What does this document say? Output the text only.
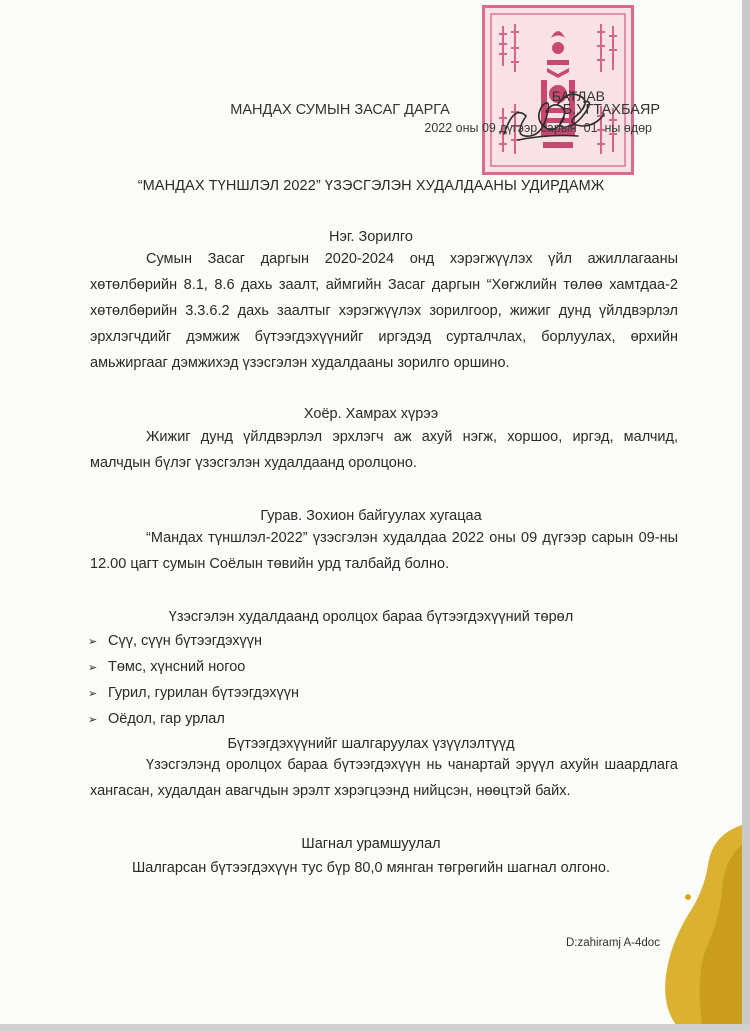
БАТЛАВ
МАНДАХ СУМЫН ЗАСАГ ДАРГА                            Б.УГТАХБАЯР
2022 оны 09 дүгээр сарын  01  ны өдөр
“МАНДАХ ТҮНШЛЭЛ 2022” ҮЗЭСГЭЛЭН ХУДАЛДААНЫ УДИРДАМЖ
Нэг. Зорилго

Сумын Засаг даргын 2020-2024 онд хэрэгжүүлэх үйл ажиллагааны хөтөлбөрийн 8.1, 8.6 дахь заалт, аймгийн Засаг даргын “Хөгжлийн төлөө хамтдаа-2 хөтөлбөрийн 3.3.6.2 дахь заалтыг хэрэгжүүлэх зорилгоор, жижиг дунд үйлдвэрлэл эрхлэгчдийг дэмжиж бүтээгдэхүүнийг иргэдэд сурталчлах, борлуулах, өрхийн амьжиргааг дэмжихэд үзэсгэлэн худалдааны зорилго оршино.

Хоёр. Хамрах хүрээ

Жижиг дунд үйлдвэрлэл эрхлэгч аж ахуй нэгж, хоршоо, иргэд, малчид, малчдын бүлэг үзэсгэлэн худалдаанд оролцоно.

Гурав. Зохион байгуулах хугацаа

“Мандах түншлэл-2022” үзэсгэлэн худалдаа 2022 оны 09 дүгээр сарын 09-ны 12.00 цагт сумын Соёлын төвийн урд талбайд болно.

Үзэсгэлэн худалдаанд оролцох бараа бүтээгдэхүүний төрөл
➢ Сүү, сүүн бүтээгдэхүүн
➢ Төмс, хүнсний ногоо
➢ Гурил, гурилан бүтээгдэхүүн
➢ Оёдол, гар урлал
Бүтээгдэхүүнийг шалгаруулах үзүүлэлтүүд

Үзэсгэлэнд оролцох бараа бүтээгдэхүүн нь чанартай эрүүл ахуйн шаардлага хангасан, худалдан авагчдын эрэлт хэрэгцээнд нийцсэн, нөөцтэй байх.

Шагнал урамшуулал
Шалгарсан бүтээгдэхүүн тус бүр 80,0 мянган төгрөгийн шагнал олгоно.
D:zahiramj A-4doc
